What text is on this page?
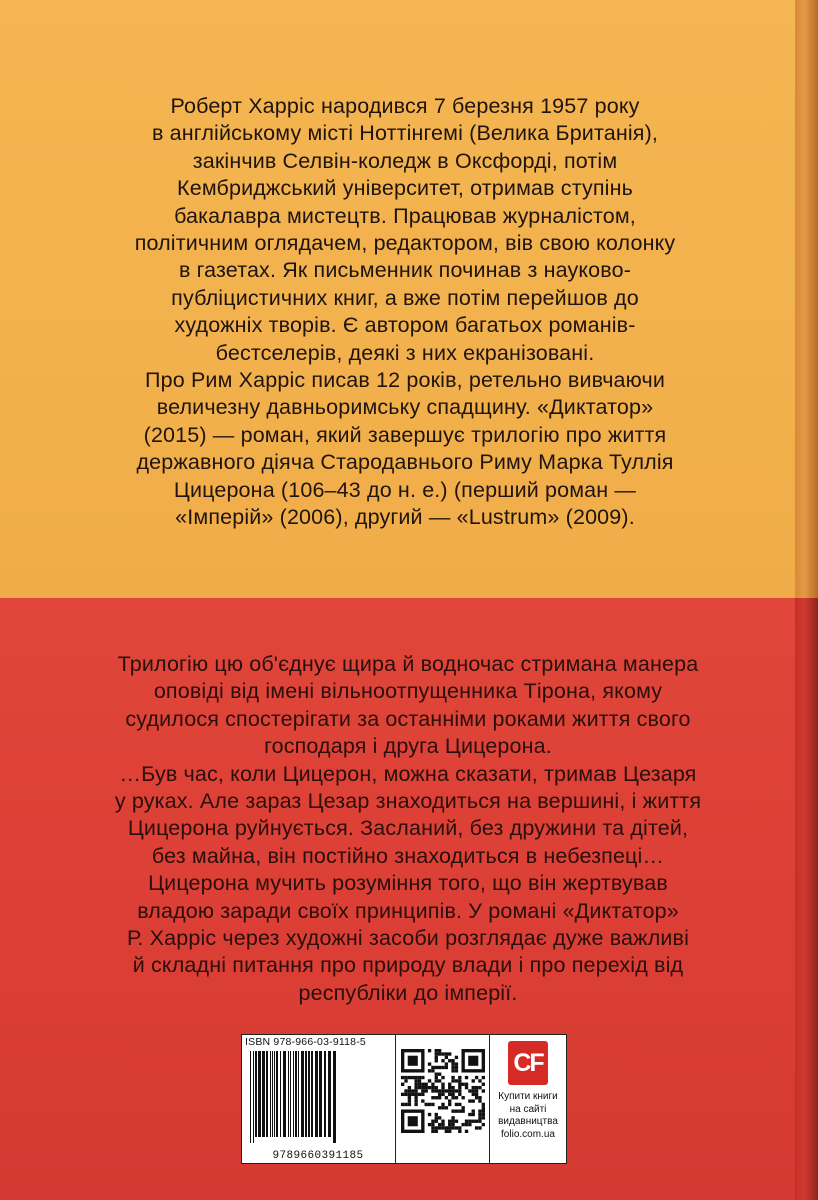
Роберт Харріс народився 7 березня 1957 року

в англійському місті Ноттінгемі (Велика Британія),

закінчив Селвін-коледж в Оксфорді, потім

Кембриджський університет, отримав ступінь

бакалавра мистецтв. Працював журналістом,

політичним оглядачем, редактором, вів свою колонку

в газетах. Як письменник починав з науково-

публіцистичних книг, а вже потім перейшов до

художніх творів. Є автором багатьох романів-

бестселерів, деякі з них екранізовані.

Про Рим Харріс писав 12 років, ретельно вивчаючи

величезну давньоримську спадщину. «Диктатор»

(2015) — роман, який завершує трилогію про життя

державного діяча Стародавнього Риму Марка Туллія

Цицерона (106–43 до н. е.) (перший роман —

«Імперій» (2006), другий — «Lustrum» (2009).

Трилогію цю об'єднує щира й водночас стримана манера

оповіді від імені вільноотпущенника Тірона, якому

судилося спостерігати за останніми роками життя свого

господаря і друга Цицерона.

…Був час, коли Цицерон, можна сказати, тримав Цезаря

у руках. Але зараз Цезар знаходиться на вершині, і життя

Цицерона руйнується. Засланий, без дружини та дітей,

без майна, він постійно знаходиться в небезпеці…

Цицерона мучить розуміння того, що він жертвував

владою заради своїх принципів. У романі «Диктатор»

Р. Харріс через художні засоби розглядає дуже важливі

й складні питання про природу влади і про перехід від

республіки до імперії.

ISBN 978-966-03-9118-5
9789660391185
CF
Купити книги
на сайті
видавництва
folio.com.ua
